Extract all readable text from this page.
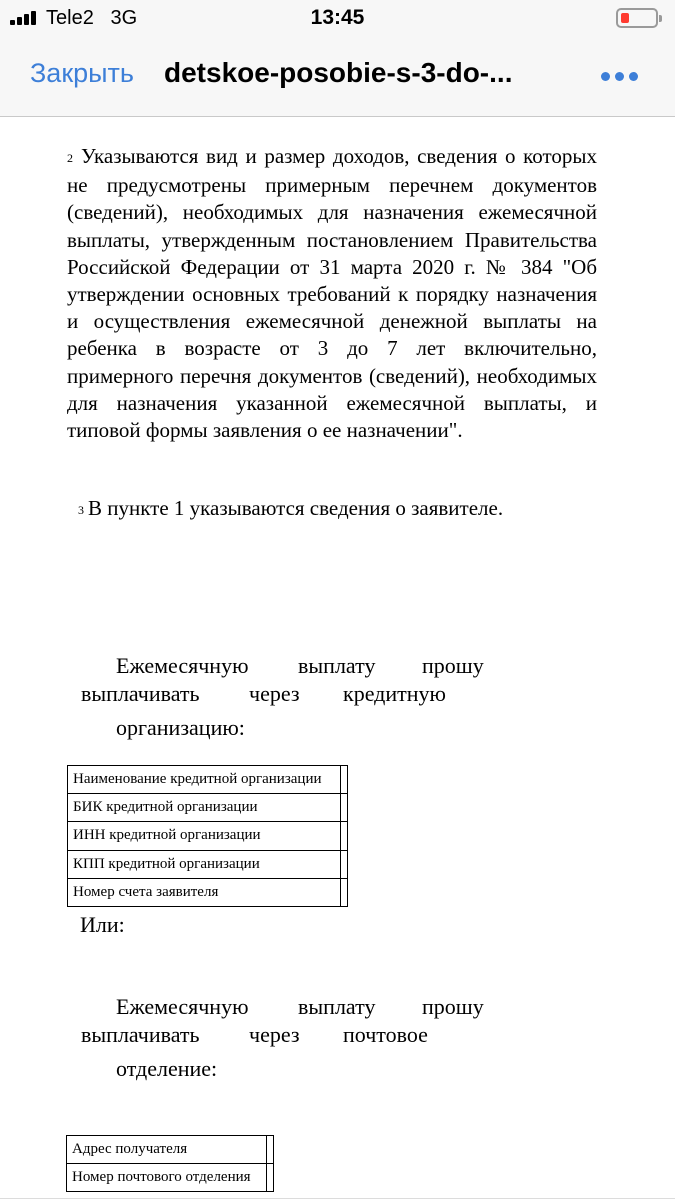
Tele2 3G	13:45
Закрыть detskoe-posobie-s-3-do-...

2 Указываются вид и размер доходов, сведения о которых не предусмотрены примерным перечнем документов (сведений), необходимых для назначения ежемесячной выплаты, утвержденным постановлением Правительства Российской Федерации от 31 марта 2020 г. № 384 "Об утверждении основных требований к порядку назначения и осуществления ежемесячной денежной выплаты на ребенка в возрасте от 3 до 7 лет включительно, примерного перечня документов (сведений), необходимых для назначения указанной ежемесячной выплаты, и типовой формы заявления о ее назначении".

3 В пункте 1 указываются сведения о заявителе.

Ежемесячную выплату прошу
выплачивать через кредитную
организацию:
Наименование кредитной организации	
БИК кредитной организации	
ИНН кредитной организации	
КПП кредитной организации	
Номер счета заявителя	
Или:
Ежемесячную выплату прошу
выплачивать через почтовое
отделение:
Адрес получателя	
Номер почтового отделения	
